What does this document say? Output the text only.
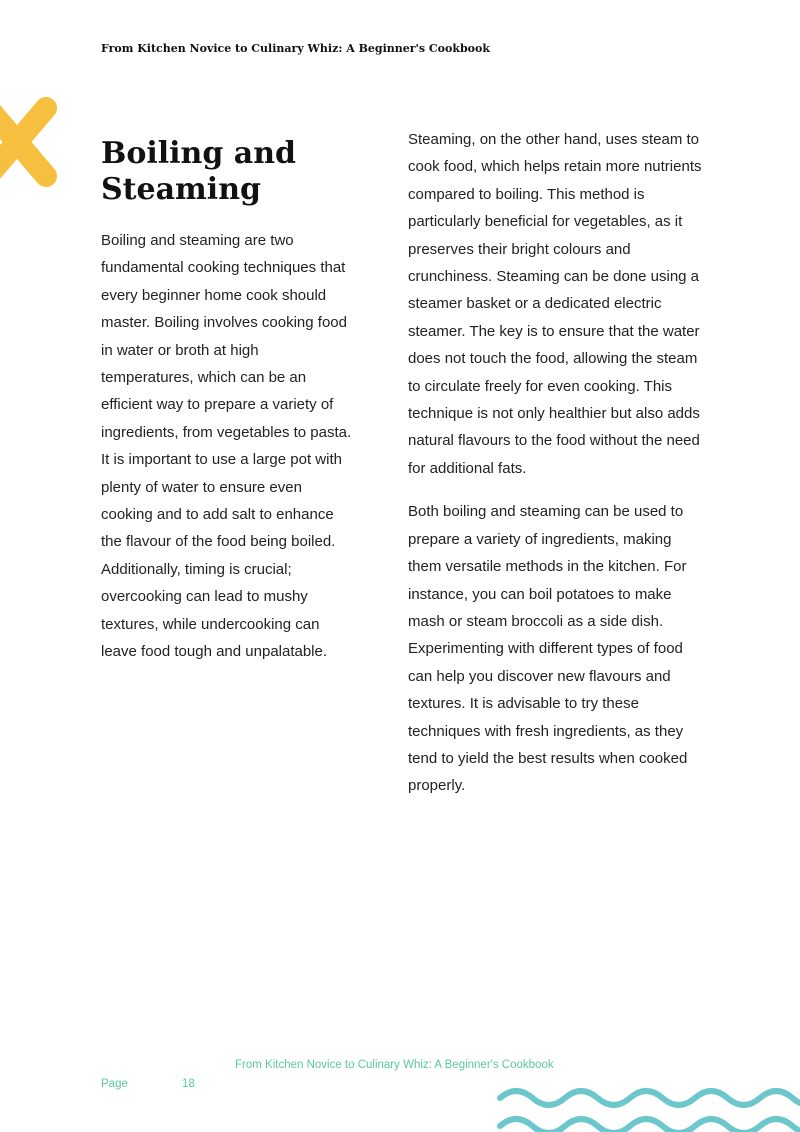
From Kitchen Novice to Culinary Whiz: A Beginner's Cookbook
Boiling and Steaming

Boiling and steaming are two fundamental cooking techniques that every beginner home cook should master. Boiling involves cooking food in water or broth at high temperatures, which can be an efficient way to prepare a variety of ingredients, from vegetables to pasta. It is important to use a large pot with plenty of water to ensure even cooking and to add salt to enhance the flavour of the food being boiled. Additionally, timing is crucial; overcooking can lead to mushy textures, while undercooking can leave food tough and unpalatable.

Steaming, on the other hand, uses steam to cook food, which helps retain more nutrients compared to boiling. This method is particularly beneficial for vegetables, as it preserves their bright colours and crunchiness. Steaming can be done using a steamer basket or a dedicated electric steamer. The key is to ensure that the water does not touch the food, allowing the steam to circulate freely for even cooking. This technique is not only healthier but also adds natural flavours to the food without the need for additional fats.

Both boiling and steaming can be used to prepare a variety of ingredients, making them versatile methods in the kitchen. For instance, you can boil potatoes to make mash or steam broccoli as a side dish. Experimenting with different types of food can help you discover new flavours and textures. It is advisable to try these techniques with fresh ingredients, as they tend to yield the best results when cooked properly.

From Kitchen Novice to Culinary Whiz: A Beginner's Cookbook
Page	18
